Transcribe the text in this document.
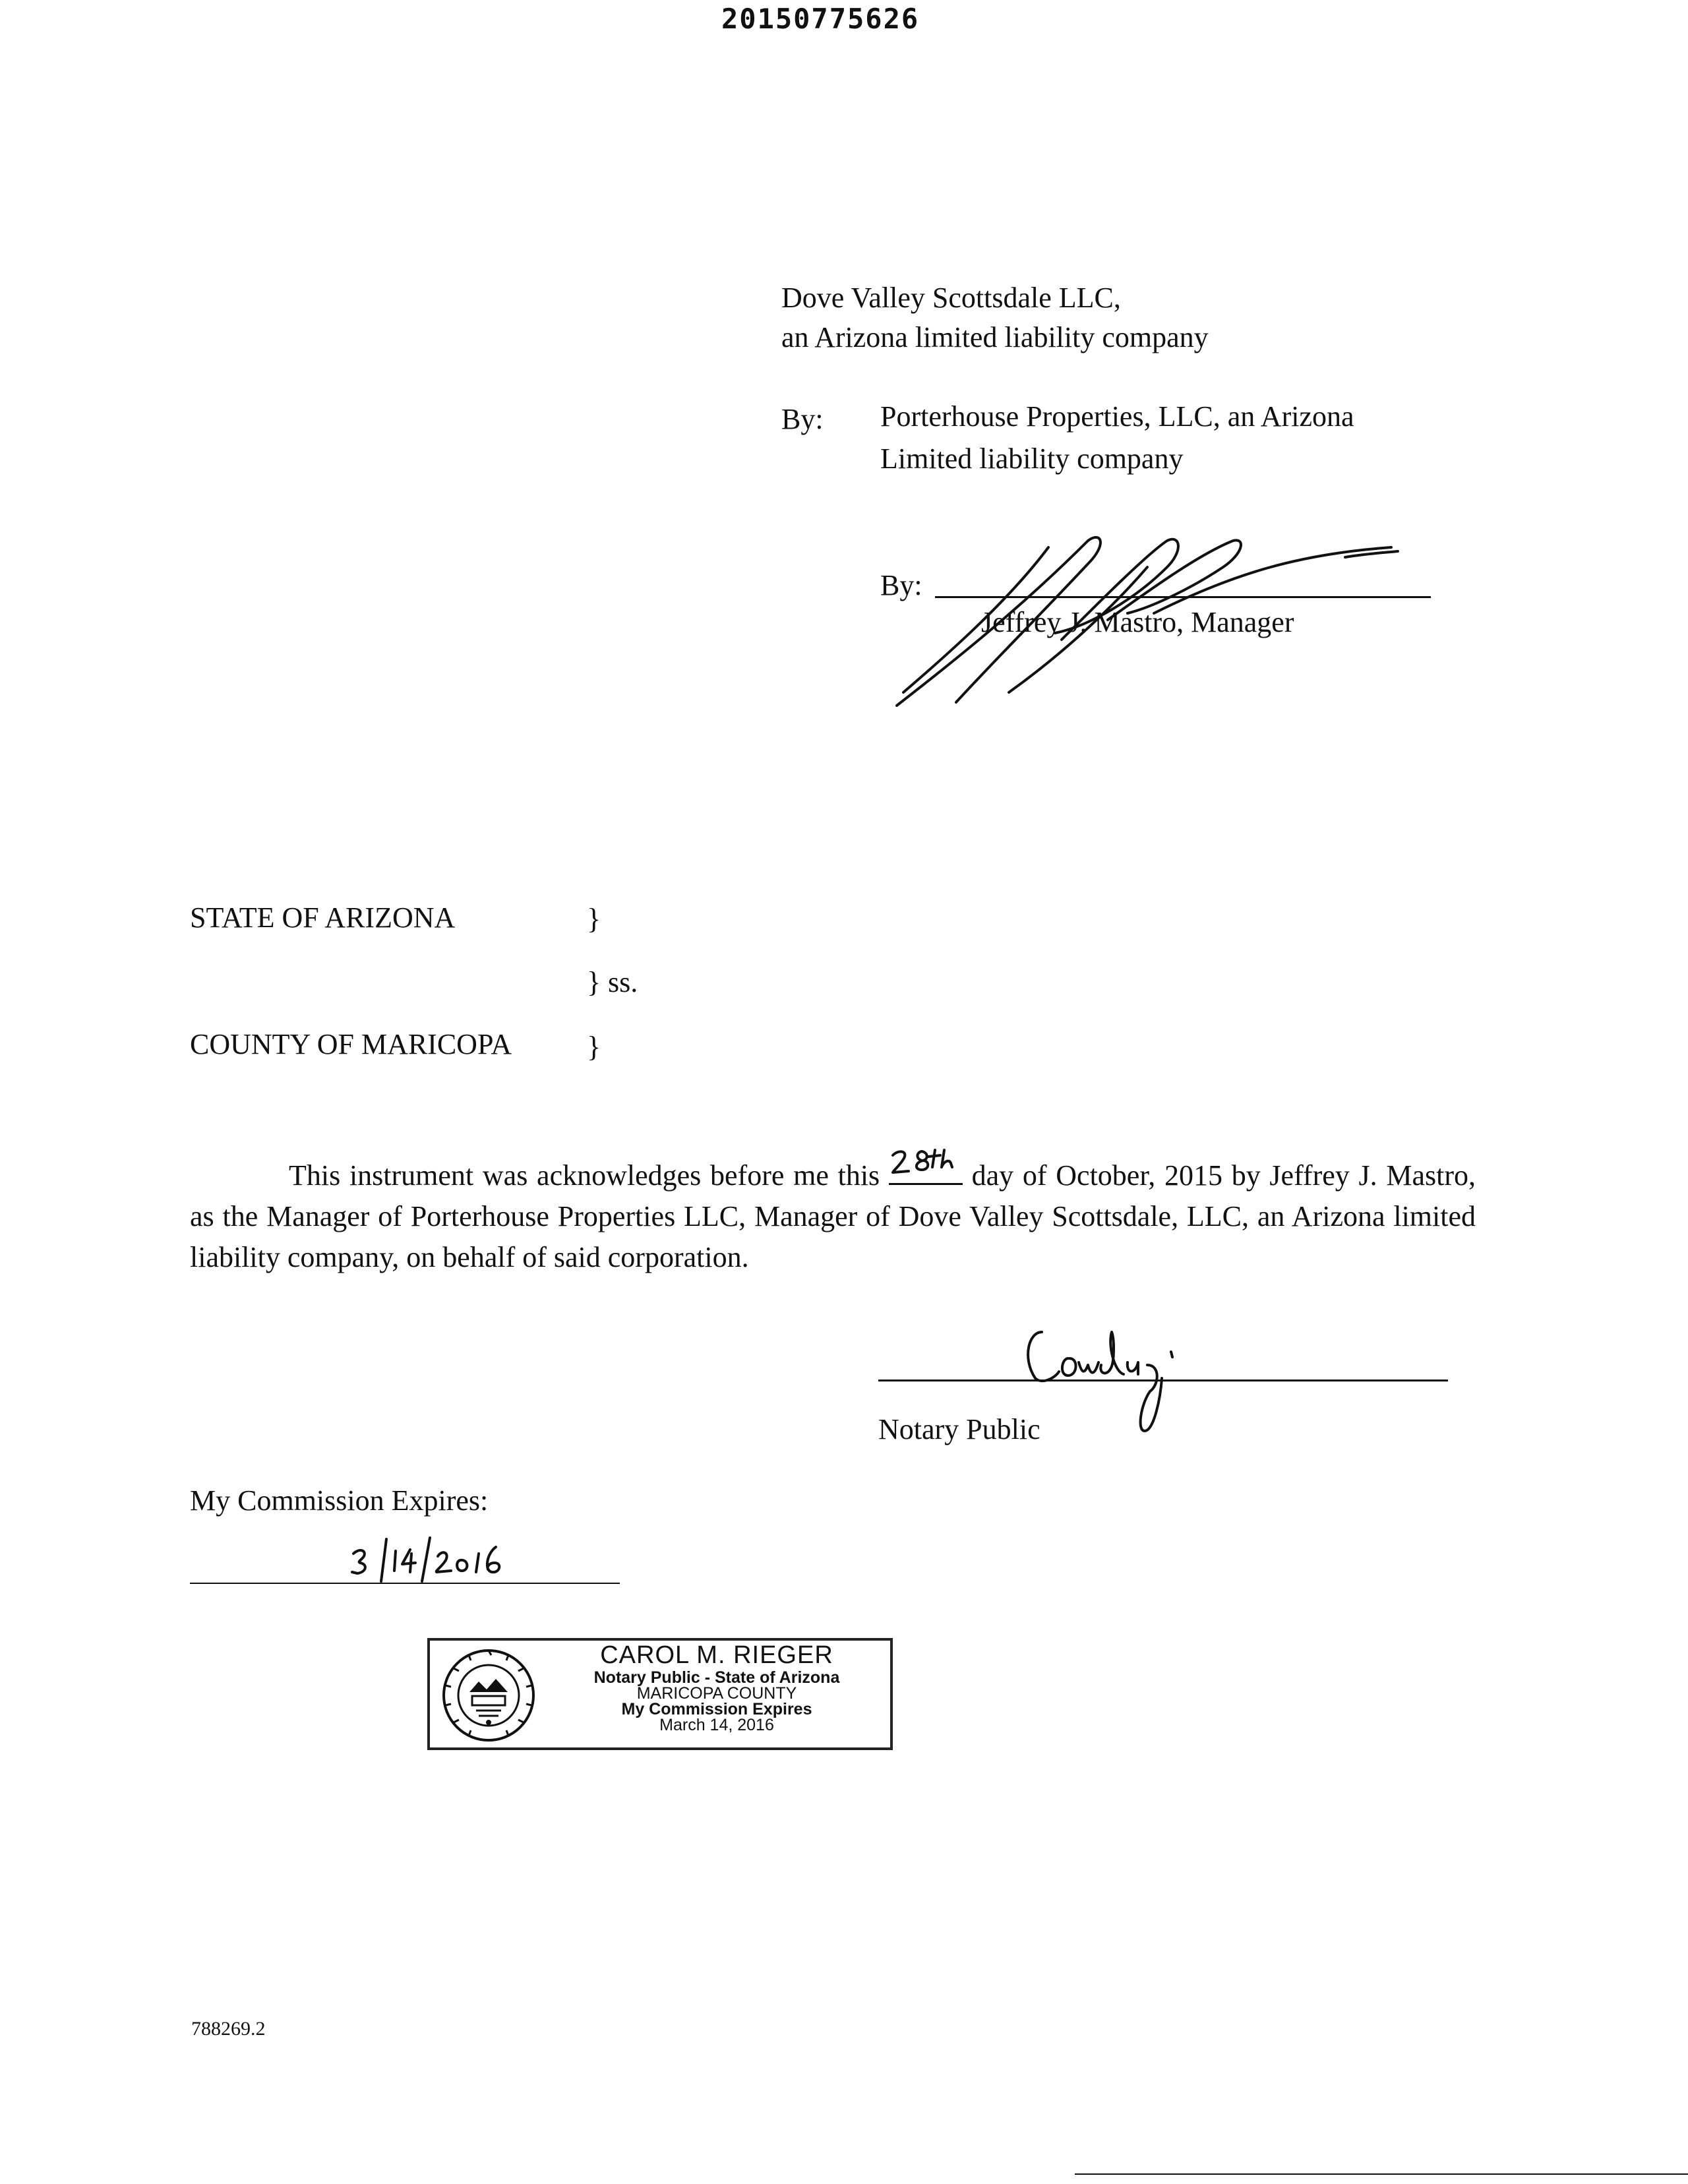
20150775626
Dove Valley Scottsdale LLC,
an Arizona limited liability company
By: Porterhouse Properties, LLC, an Arizona
Limited liability company
By:
Jeffrey J. Mastro, Manager
STATE OF ARIZONA	}
} ss.
COUNTY OF MARICOPA	}
This instrument was acknowledges before me this	day of October, 2015 by Jeffrey J. Mastro, as the Manager of Porterhouse Properties LLC, Manager of Dove Valley Scottsdale, LLC, an Arizona limited liability company, on behalf of said corporation.
Notary Public
My Commission Expires:
CAROL M. RIEGER
Notary Public - State of Arizona
MARICOPA COUNTY
My Commission Expires
March 14, 2016
788269.2
